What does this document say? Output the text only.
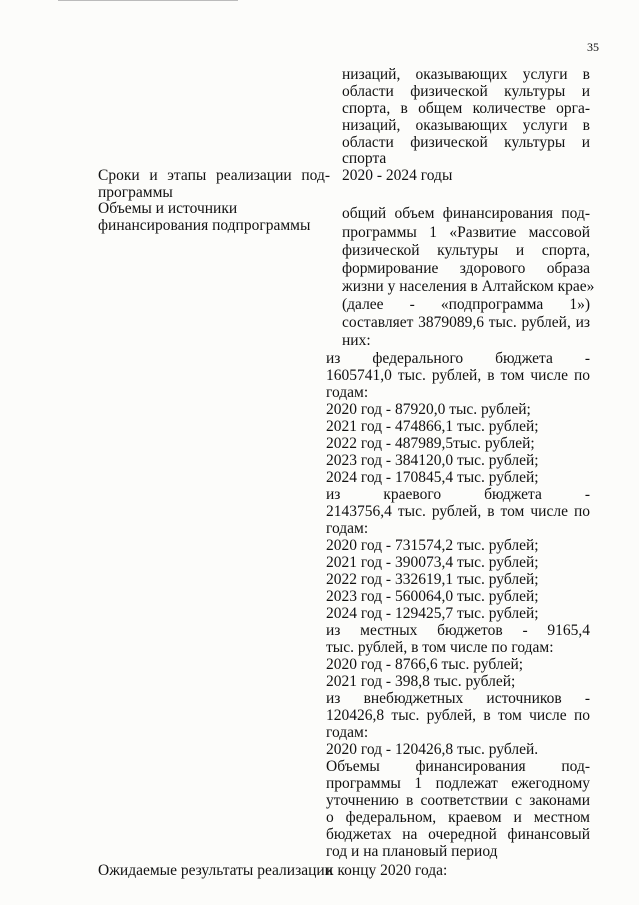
35
низаций, оказывающих услуги в
области физической культуры и
спорта, в общем количестве орга-
низаций, оказывающих услуги в
области физической культуры и
спорта
Сроки и этапы реализации под-
программы
2020 - 2024 годы
Объемы и источники
финансирования подпрограммы
общий объем финансирования под-
программы 1 «Развитие массовой
физической культуры и спорта,
формирование здорового образа
жизни у населения в Алтайском крае»
(далее - «подпрограмма 1»)
составляет 3879089,6 тыс. рублей, из
них:
из федерального бюджета -
1605741,0 тыс. рублей, в том числе по
годам:
2020 год - 87920,0 тыс. рублей;
2021 год - 474866,1 тыс. рублей;
2022 год - 487989,5тыс. рублей;
2023 год - 384120,0 тыс. рублей;
2024 год - 170845,4 тыс. рублей;
из краевого бюджета -
2143756,4 тыс. рублей, в том числе по
годам:
2020 год - 731574,2 тыс. рублей;
2021 год - 390073,4 тыс. рублей;
2022 год - 332619,1 тыс. рублей;
2023 год - 560064,0 тыс. рублей;
2024 год - 129425,7 тыс. рублей;
из местных бюджетов - 9165,4
тыс. рублей, в том числе по годам:
2020 год - 8766,6 тыс. рублей;
2021 год - 398,8 тыс. рублей;
из внебюджетных источников -
120426,8 тыс. рублей, в том числе по
годам:
2020 год - 120426,8 тыс. рублей.
Объемы финансирования под-
программы 1 подлежат ежегодному
уточнению в соответствии с законами
о федеральном, краевом и местном
бюджетах на очередной финансовый
год и на плановый период
Ожидаемые результаты реализации
к концу 2020 года:
